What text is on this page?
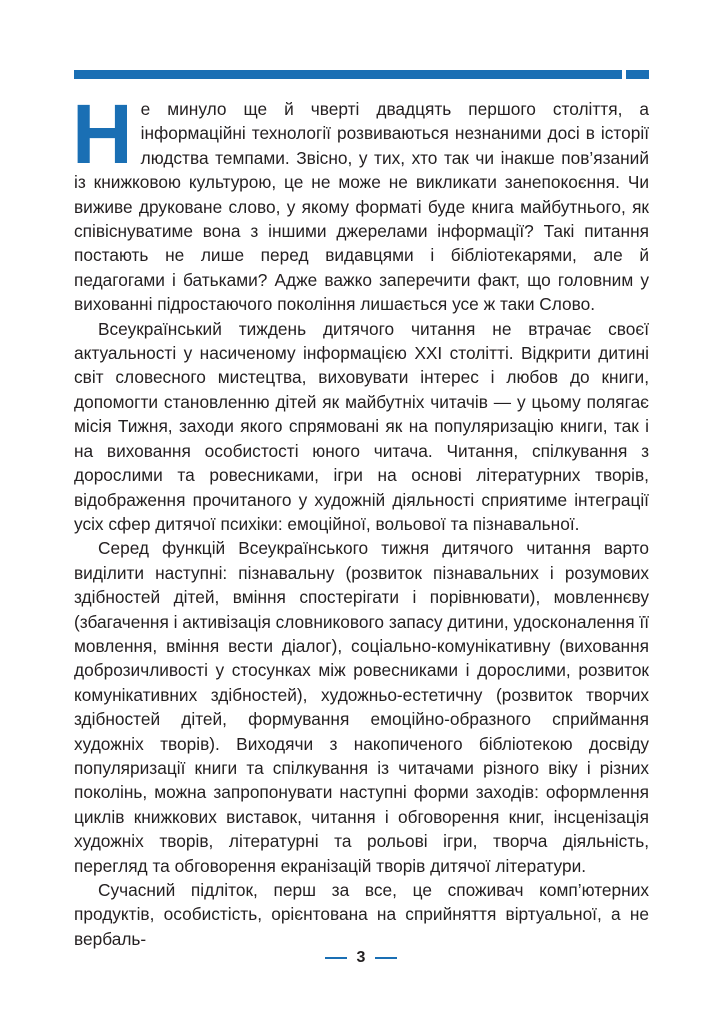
Не минуло ще й чверті двадцять першого століття, а інформаційні технології розвиваються незнаними досі в історії людства темпами. Звісно, у тих, хто так чи інакше пов’язаний із книжковою культурою, це не може не викликати занепокоєння. Чи виживе друковане слово, у якому форматі буде книга майбутнього, як співіснуватиме вона з іншими джерелами інформації? Такі питання постають не лише перед видавцями і бібліотекарями, але й педагогами і батьками? Адже важко заперечити факт, що головним у вихованні підростаючого покоління лишається усе ж таки Слово.

Всеукраїнський тиждень дитячого читання не втрачає своєї актуальності у насиченому інформацією ХХІ столітті. Відкрити дитині світ словесного мистецтва, виховувати інтерес і любов до книги, допомогти становленню дітей як майбутніх читачів — у цьому полягає місія Тижня, заходи якого спрямовані як на популяризацію книги, так і на виховання особистості юного читача. Читання, спілкування з дорослими та ровесниками, ігри на основі літературних творів, відображення прочитаного у художній діяльності сприятиме інтеграції усіх сфер дитячої психіки: емоційної, вольової та пізнавальної.

Серед функцій Всеукраїнського тижня дитячого читання варто виділити наступні: пізнавальну (розвиток пізнавальних і розумових здібностей дітей, вміння спостерігати і порівнювати), мовленнєву (збагачення і активізація словникового запасу дитини, удосконалення її мовлення, вміння вести діалог), соціально-комунікативну (виховання доброзичливості у стосунках між ровесниками і дорослими, розвиток комунікативних здібностей), художньо-естетичну (розвиток творчих здібностей дітей, формування емоційно-образного сприймання художніх творів). Виходячи з накопиченого бібліотекою досвіду популяризації книги та спілкування із читачами різного віку і різних поколінь, можна запропонувати наступні форми заходів: оформлення циклів книжкових виставок, читання і обговорення книг, інсценізація художніх творів, літературні та рольові ігри, творча діяльність, перегляд та обговорення екранізацій творів дитячої літератури.

Сучасний підліток, перш за все, це споживач комп’ютерних продуктів, особистість, орієнтована на сприйняття віртуальної, а не вербаль-

3
